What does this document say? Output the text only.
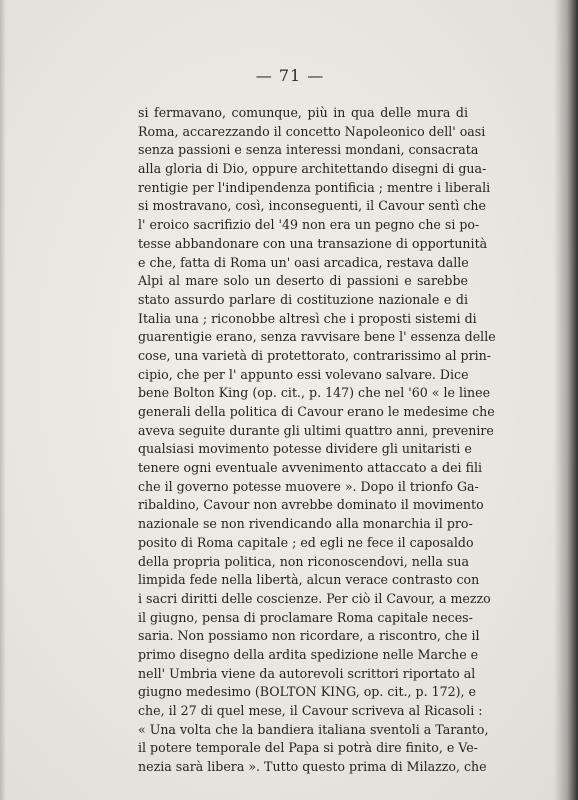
— 71 —
si fermavano, comunque, più in qua delle mura di
Roma, accarezzando il concetto Napoleonico dell' oasi
senza passioni e senza interessi mondani, consacrata
alla gloria di Dio, oppure architettando disegni di gua-
rentigie per l'indipendenza pontificia ; mentre i liberali
si mostravano, così, inconseguenti, il Cavour sentì che
l' eroico sacrifizio del '49 non era un pegno che si po-
tesse abbandonare con una transazione di opportunità
e che, fatta di Roma un' oasi arcadica, restava dalle
Alpi al mare solo un deserto di passioni e sarebbe
stato assurdo parlare di costituzione nazionale e di
Italia una ; riconobbe altresì che i proposti sistemi di
guarentigie erano, senza ravvisare bene l' essenza delle
cose, una varietà di protettorato, contrarissimo al prin-
cipio, che per l' appunto essi volevano salvare. Dice
bene Bolton King (op. cit., p. 147) che nel '60 « le linee
generali della politica di Cavour erano le medesime che
aveva seguite durante gli ultimi quattro anni, prevenire
qualsiasi movimento potesse dividere gli unitaristi e
tenere ogni eventuale avvenimento attaccato a dei fili
che il governo potesse muovere ». Dopo il trionfo Ga-
ribaldino, Cavour non avrebbe dominato il movimento
nazionale se non rivendicando alla monarchia il pro-
posito di Roma capitale ; ed egli ne fece il caposaldo
della propria politica, non riconoscendovi, nella sua
limpida fede nella libertà, alcun verace contrasto con
i sacri diritti delle coscienze. Per ciò il Cavour, a mezzo
il giugno, pensa di proclamare Roma capitale neces-
saria. Non possiamo non ricordare, a riscontro, che il
primo disegno della ardita spedizione nelle Marche e
nell' Umbria viene da autorevoli scrittori riportato al
giugno medesimo (BOLTON KING, op. cit., p. 172), e
che, il 27 di quel mese, il Cavour scriveva al Ricasoli :
« Una volta che la bandiera italiana sventoli a Taranto,
il potere temporale del Papa si potrà dire finito, e Ve-
nezia sarà libera ». Tutto questo prima di Milazzo, che
